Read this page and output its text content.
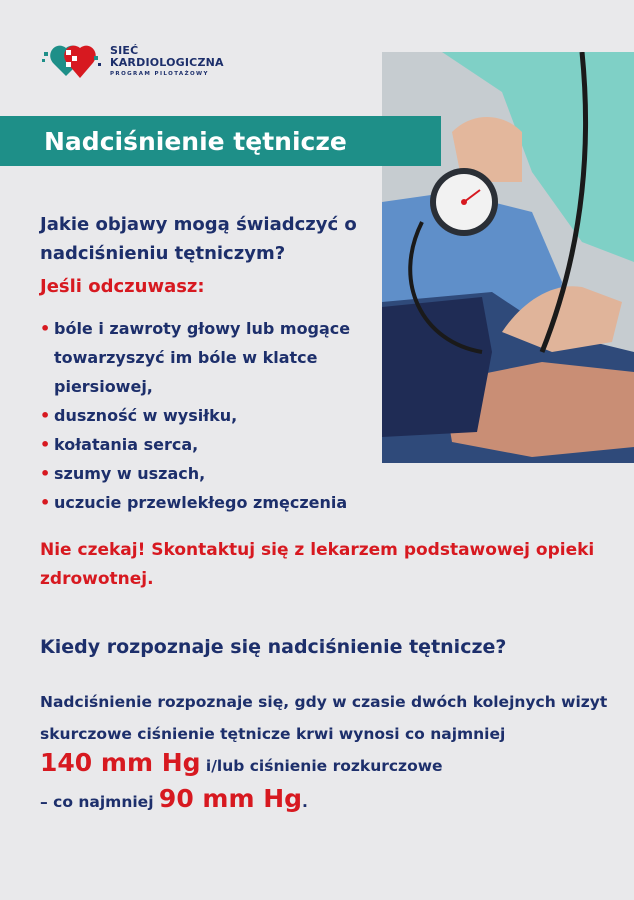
SIEĆ
KARDIOLOGICZNA
PROGRAM PILOTAŻOWY
Nadciśnienie tętnicze
Jakie objawy mogą świadczyć o nadciśnieniu tętniczym?
Jeśli odczuwasz:
• bóle i zawroty głowy lub mogące towarzyszyć im bóle w klatce piersiowej,
• duszność w wysiłku,
• kołatania serca,
• szumy w uszach,
• uczucie przewlekłego zmęczenia
Nie czekaj! Skontaktuj się z lekarzem podstawowej opieki zdrowotnej.
Kiedy rozpoznaje się nadciśnienie tętnicze?
Nadciśnienie rozpoznaje się, gdy w czasie dwóch kolejnych wizyt skurczowe ciśnienie tętnicze krwi wynosi co najmniej
140 mm Hg i/lub ciśnienie rozkurczowe
– co najmniej 90 mm Hg.
